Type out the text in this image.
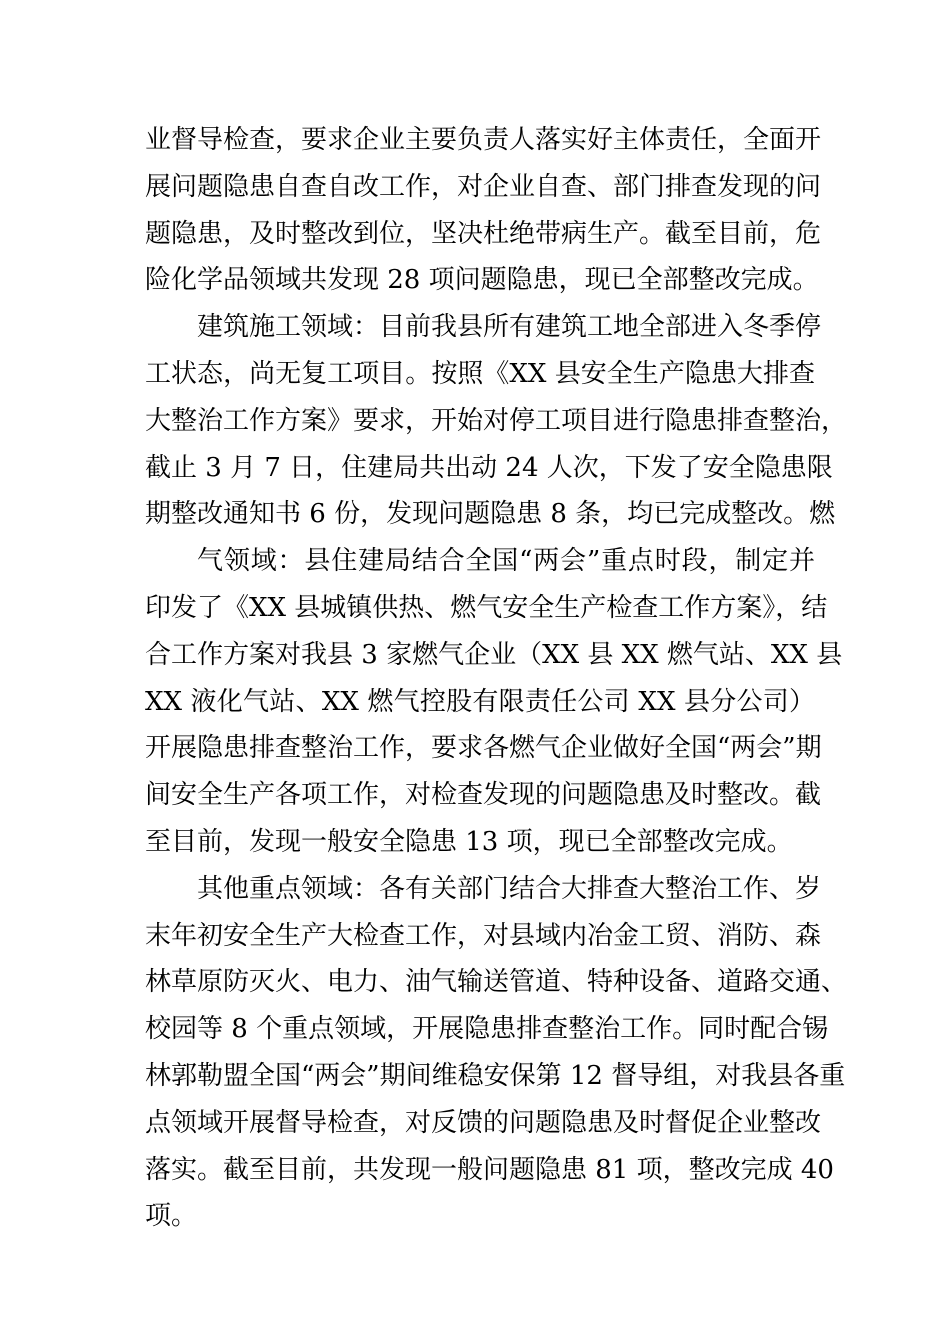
业督导检查，要求企业主要负责人落实好主体责任，全面开
展问题隐患自查自改工作，对企业自查、部门排查发现的问
题隐患，及时整改到位，坚决杜绝带病生产。截至目前，危
险化学品领域共发现 28 项问题隐患，现已全部整改完成。
建筑施工领域：目前我县所有建筑工地全部进入冬季停
工状态，尚无复工项目。按照《XX 县安全生产隐患大排查
大整治工作方案》要求，开始对停工项目进行隐患排查整治，
截止 3 月 7 日，住建局共出动 24 人次，下发了安全隐患限
期整改通知书 6 份，发现问题隐患 8 条，均已完成整改。燃
气领域：县住建局结合全国“两会”重点时段，制定并
印发了《XX 县城镇供热、燃气安全生产检查工作方案》，结
合工作方案对我县 3 家燃气企业（XX 县 XX 燃气站、XX 县
XX 液化气站、XX 燃气控股有限责任公司 XX 县分公司）
开展隐患排查整治工作，要求各燃气企业做好全国“两会”期
间安全生产各项工作，对检查发现的问题隐患及时整改。截
至目前，发现一般安全隐患 13 项，现已全部整改完成。
其他重点领域：各有关部门结合大排查大整治工作、岁
末年初安全生产大检查工作，对县域内冶金工贸、消防、森
林草原防灭火、电力、油气输送管道、特种设备、道路交通、
校园等 8 个重点领域，开展隐患排查整治工作。同时配合锡
林郭勒盟全国“两会”期间维稳安保第 12 督导组，对我县各重
点领域开展督导检查，对反馈的问题隐患及时督促企业整改
落实。截至目前，共发现一般问题隐患 81 项，整改完成 40
项。
